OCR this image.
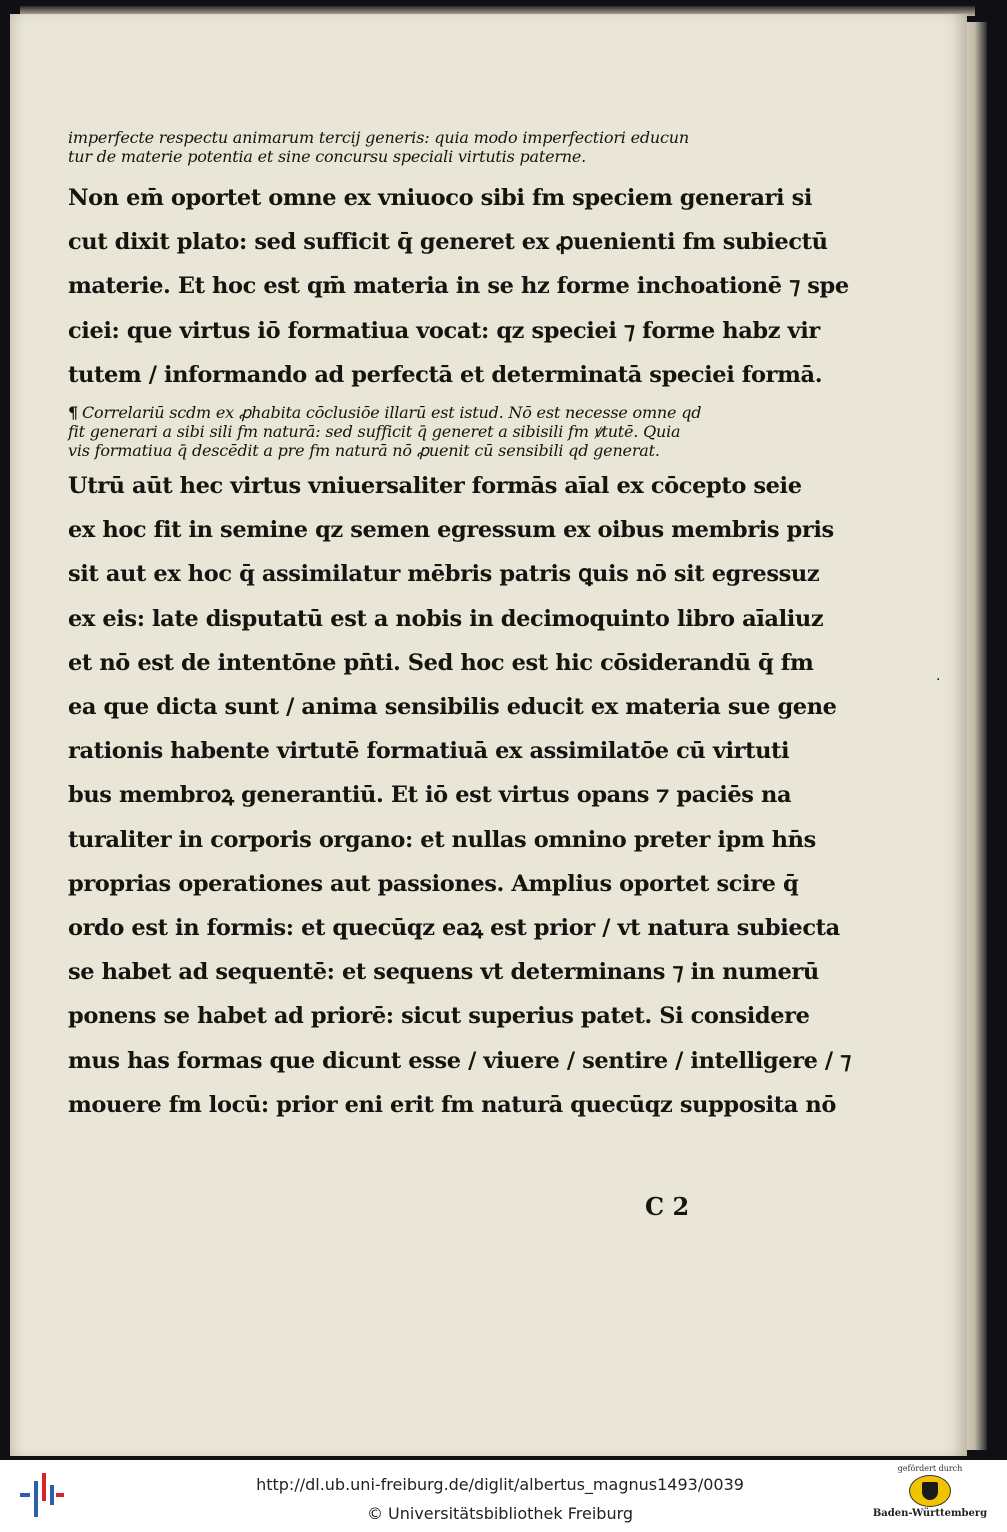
imperfecte respectu animarum tercij generis: quia modo imperfectiori educun
tur de materie potentia et sine concursu speciali virtutis paterne.
Non em̄ oportet omne ex vniuoco sibi fm speciem generari si
cut dixit plato: sed sufficit q̄ generet ex ꝓuenienti fm subiectū
materie. Et hoc est qm̄ materia in se hz forme inchoationē ⁊ spe
ciei: que virtus iō formatiua vocat: qz speciei ⁊ forme habz vir
tutem / informando ad perfectā et determinatā speciei formā.
¶ Correlariū scdm ex ꝓhabita cōclusiōe illarū est istud. Nō est necesse omne qd
fit generari a sibi sili fm naturā: sed sufficit q̄ generet a sibisili fm ꝟtutē. Quia
vis formatiua q̄ descēdit a pre fm naturā nō ꝓuenit cū sensibili qd generat.
Utrū aūt hec virtus vniuersaliter formās aīal ex cōcepto seie
ex hoc fit in semine qz semen egressum ex oibus membris pris
sit aut ex hoc q̄ assimilatur mēbris patris ꝗuis nō sit egressuz
ex eis: late disputatū est a nobis in decimoquinto libro aīaliuz
et nō est de intentōne pn̄ti. Sed hoc est hic cōsiderandū q̄ fm
ea que dicta sunt / anima sensibilis educit ex materia sue gene
rationis habente virtutē formatiuā ex assimilatōe cū virtuti
bus membroꝝ generantiū. Et iō est virtus opans ⁊ paciēs na
turaliter in corporis organo: et nullas omnino preter ipm hn̄s
proprias operationes aut passiones. Amplius oportet scire q̄
ordo est in formis: et quecūqz eaꝝ est prior / vt natura subiecta
se habet ad sequentē: et sequens vt determinans ⁊ in numerū
ponens se habet ad priorē: sicut superius patet. Si considere
mus has formas que dicunt esse / viuere / sentire / intelligere / ⁊
mouere fm locū: prior eni erit fm naturā quecūqz supposita nō
C 2
·
http://dl.ub.uni-freiburg.de/diglit/albertus_magnus1493/0039
© Universitätsbibliothek Freiburg
gefördert durch
Baden-Württemberg
